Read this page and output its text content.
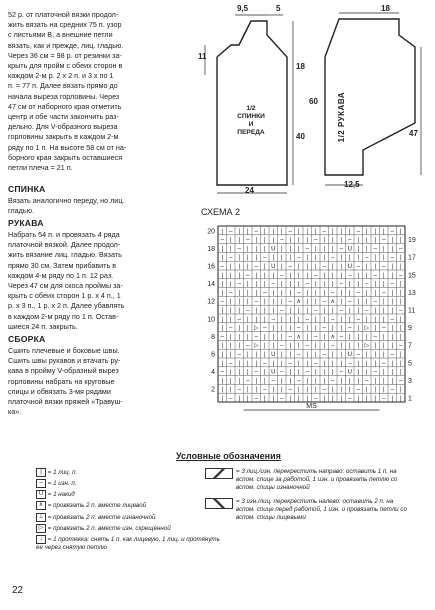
52 р. от платочной вязки продол-
жить вязать на средних 75 п. узор
с листьями В, а внешние петли
вязать, как и прежде, лиц. гладью.
Через 36 см = 98 р. от резинки за-
крыть для пройм с обеих сторон в
каждом 2-м р. 2 х 2 п. и 3 х по 1
п. = 77 п. Далее вязать прямо до
начала выреза горловины. Через
47 см от наборного края отметить
центр и обе части закончить раз-
дельно. Для V-образного выреза
горловины закрыть в каждом 2-м
ряду по 1 п. На высоте 58 см от на-
борного края закрыть оставшиеся
петли плеча = 21 п.
СПИНКА
Вязать аналогично переду, но лиц.
гладью.
РУКАВА
Набрать 54 п. и провязать 4 ряда
платочной вязкой. Далее продол-
жить вязание лиц. гладью. Вязать
прямо 30 см. Затем прибавить в
каждом 4-м ряду по 1 п. 12 раз.
Через 47 см для скоса проймы за-
крыть с обеих сторон 1 р. х 4 п., 1
р. х 3 п., 1 р. х 2 п. Далее убавлять
в каждом 2-м ряду по 1 п. Остав-
шиеся 24 п. закрыть.
СБОРКА
Сшить плечевые и боковые швы.
Сшить швы рукавов и втачать ру-
кава в пройму V-образный вырез
горловины набрать на круговые
спицы и обвязать 3-мя рядами
платочной вязки пряжей «Травуш-
ка».
9,5	5
11
18
40
24
1/2
СПИНКИ
И
ПЕРЕДА
60
18
47
12,5
1/2 РУКАВА
СХЕМА 2
| – | | – | | | – | | | – | | | – | | | – |
– | | – | | | – | | | – | | | – | | | – | |
| | – | | | U | | | – | | | – U | | – | | –
| – | | | – | | | – | | | – | | | – | | – |
– | | | – | U | – | | | – | | U – | | – | |
| | | – | | | – | | | – | | | – | | – | | –
| | – | | | – | | | – | | | – | | – | | – |
| – | | | – | | | – | | | – | | – | | – | |
– | | | – | | | – ∧ | | – ∧ | – | | – | | |
| | | – | | | – | | | – | | – | | – | | | –
| | – | | | – | | | – | | – | | – | | | – |
| – | | ▷ – | | | – | | – | | – | ▷ | – | |
– | | | – | | | – ∧ | – | ∧ – | | | – | | |
| | | – ▷ | | – | | – | | – | | | ▷ | | | –
| | – | | | U | | – | | – | | U – | | | – |
| – | | | – | | – | | – | | | – | | | – | |
– | | | – | U – | | – | | | – U | | – | | |
| | | – | | – | | – | | | – | | | – | | | –
| | – | | – | | – | | | – | | | – | | | – |
| – | | – | | – | | | – | | | – | | | – | |
20
18
16
14
12
10
8
6
4
2
19
17
15
13
11
9
7
5
3
1
MS
Условные обозначения
| = 1 лиц. п.
– = 1 изн. п.
U = 1 накид
∧ = провязать 2 п. вместе лицевой
⊥ = провязать 2 п. вместе изнаночной
▷ = провязать 2 п. вместе изн. скрещенной
↓ = 1 протяжка: снять 1 п. как лицевую, 1 лиц. и протянуть
ее через снятую петлю
= 3 лиц./изн. перекрестить направо: оставить 1 п. на
вспом. спице за работой, 1 изн. и провязать петлю со
вспом. спицы изнаночной
= 3 изн./лиц. перекрестить налево: оставить 2 п. на
вспом. спице перед работой, 1 изн. и провязать петли со
вспом. спицы лицевыми
22
